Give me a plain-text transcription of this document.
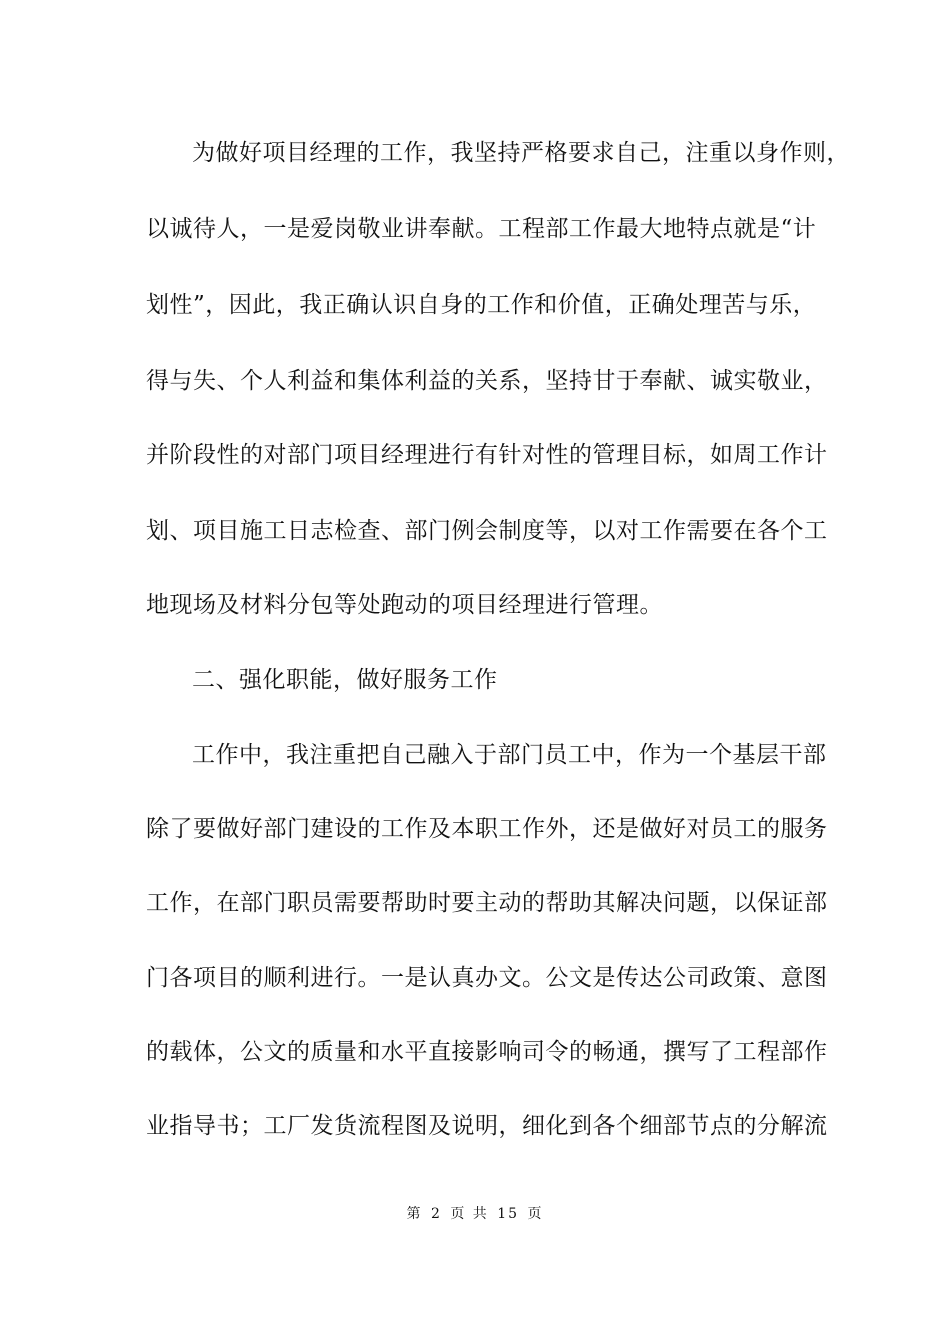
为做好项目经理的工作，我坚持严格要求自己，注重以身作则，
以诚待人，一是爱岗敬业讲奉献。工程部工作最大地特点就是“计
划性”，因此，我正确认识自身的工作和价值，正确处理苦与乐，
得与失、个人利益和集体利益的关系，坚持甘于奉献、诚实敬业，
并阶段性的对部门项目经理进行有针对性的管理目标，如周工作计
划、项目施工日志检查、部门例会制度等，以对工作需要在各个工
地现场及材料分包等处跑动的项目经理进行管理。
二、强化职能，做好服务工作
工作中，我注重把自己融入于部门员工中，作为一个基层干部
除了要做好部门建设的工作及本职工作外，还是做好对员工的服务
工作，在部门职员需要帮助时要主动的帮助其解决问题，以保证部
门各项目的顺利进行。一是认真办文。公文是传达公司政策、意图
的载体，公文的质量和水平直接影响司令的畅通，撰写了工程部作
业指导书；工厂发货流程图及说明，细化到各个细部节点的分解流
第 2 页 共 15 页
